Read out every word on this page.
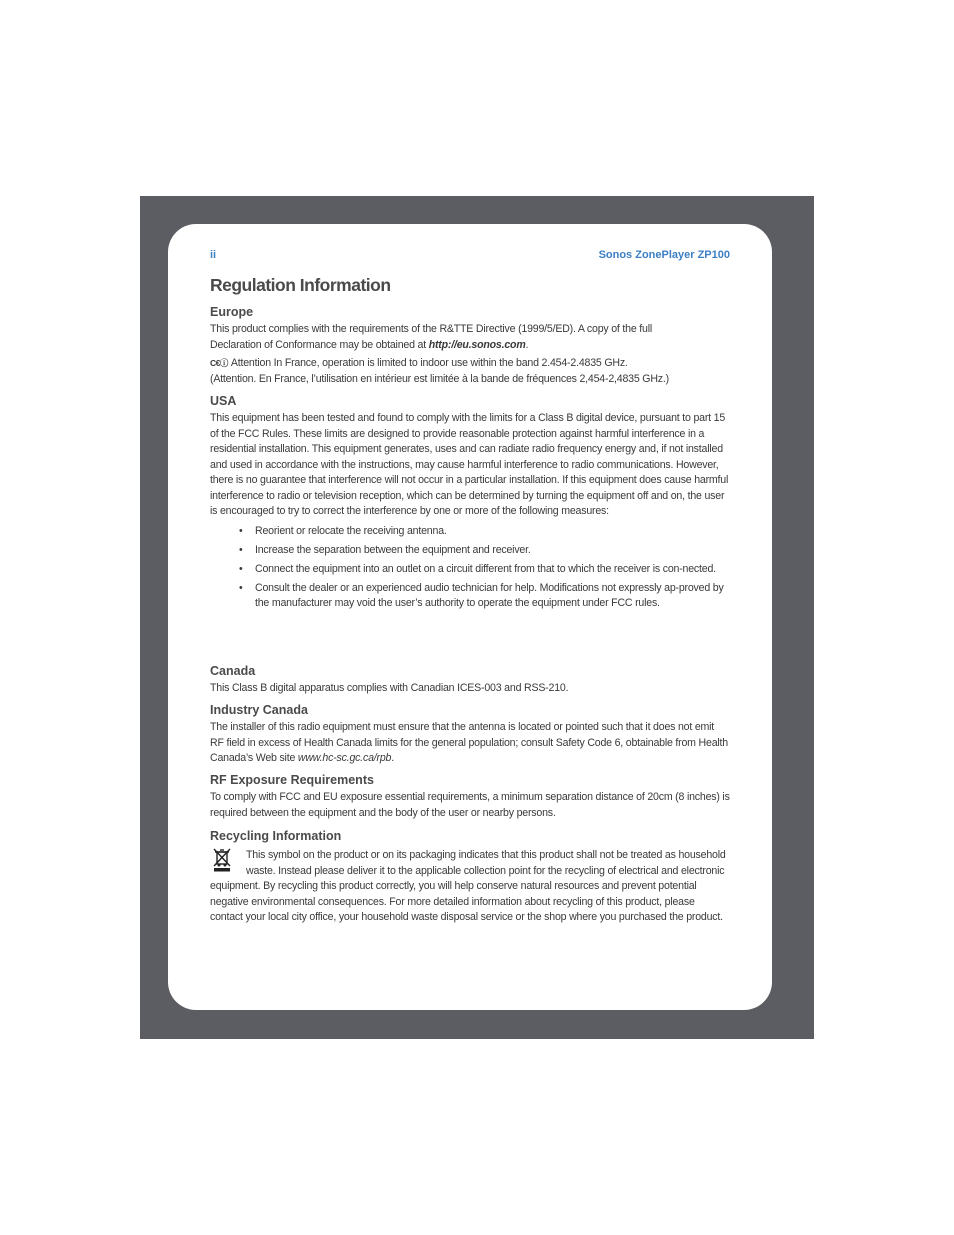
ii	Sonos ZonePlayer ZP100
Regulation Information
Europe

This product complies with the requirements of the R&TTE Directive (1999/5/ED). A copy of the full
Declaration of Conformance may be obtained at http://eu.sonos.com.

C€ⓘ Attention In France, operation is limited to indoor use within the band 2.454-2.4835 GHz.
(Attention. En France, l’utilisation en intérieur est limitée à la bande de fréquences 2,454-2,4835 GHz.)

USA

This equipment has been tested and found to comply with the limits for a Class B digital device, pursuant to part 15 of the FCC Rules. These limits are designed to provide reasonable protection against harmful interference in a residential installation. This equipment generates, uses and can radiate radio frequency energy and, if not installed and used in accordance with the instructions, may cause harmful interference to radio communications. However, there is no guarantee that interference will not occur in a particular installation. If this equipment does cause harmful interference to radio or television reception, which can be determined by turning the equipment off and on, the user is encouraged to try to correct the interference by one or more of the following measures:

• Reorient or relocate the receiving antenna.
• Increase the separation between the equipment and receiver.
• Connect the equipment into an outlet on a circuit different from that to which the receiver is con-nected.
• Consult the dealer or an experienced audio technician for help. Modifications not expressly ap-proved by the manufacturer may void the user’s authority to operate the equipment under FCC rules.
Canada

This Class B digital apparatus complies with Canadian ICES-003 and RSS-210.

Industry Canada

The installer of this radio equipment must ensure that the antenna is located or pointed such that it does not emit RF field in excess of Health Canada limits for the general population; consult Safety Code 6, obtainable from Health Canada’s Web site www.hc-sc.gc.ca/rpb.

RF Exposure Requirements

To comply with FCC and EU exposure essential requirements, a minimum separation distance of 20cm (8 inches) is required between the equipment and the body of the user or nearby persons.

Recycling Information

This symbol on the product or on its packaging indicates that this product shall not be treated as household waste. Instead please deliver it to the applicable collection point for the recycling of electrical and electronic equipment. By recycling this product correctly, you will help conserve natural resources and prevent potential negative environmental consequences. For more detailed information about recycling of this product, please contact your local city office, your household waste disposal service or the shop where you purchased the product.
